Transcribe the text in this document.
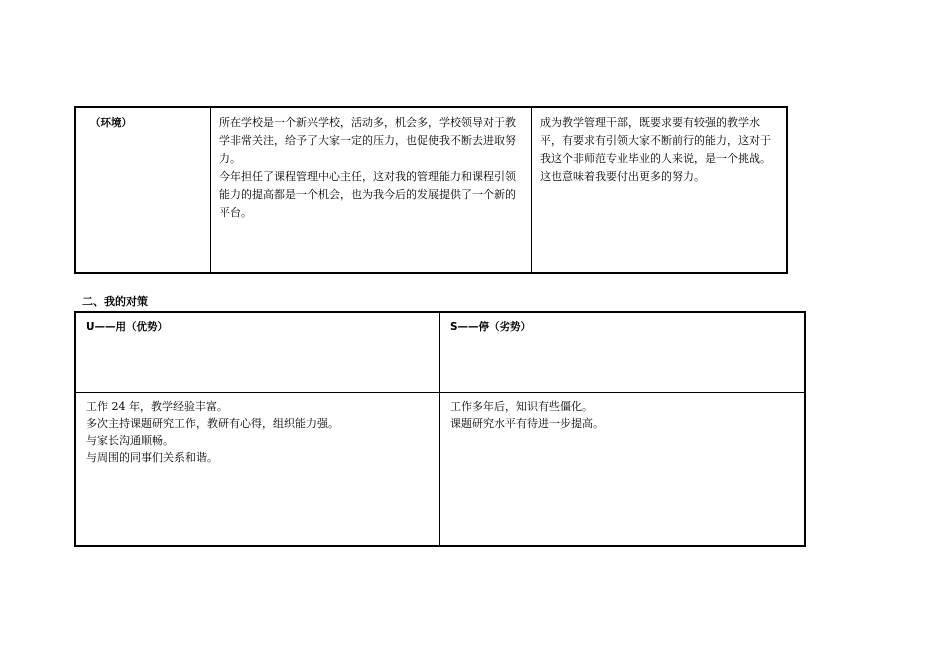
（环境）	所在学校是一个新兴学校，活动多，机会多，学校领导对于教学非常关注，给予了大家一定的压力，也促使我不断去进取努力。

今年担任了课程管理中心主任，这对我的管理能力和课程引领能力的提高都是一个机会，也为我今后的发展提供了一个新的平台。

成为教学管理干部，既要求要有较强的教学水平，有要求有引领大家不断前行的能力，这对于我这个非师范专业毕业的人来说，是一个挑战。这也意味着我要付出更多的努力。

二、我的对策
U——用（优势）	S——停（劣势）

工作 24 年，教学经验丰富。

多次主持课题研究工作，教研有心得，组织能力强。

与家长沟通顺畅。

与周围的同事们关系和谐。

工作多年后，知识有些僵化。

课题研究水平有待进一步提高。
